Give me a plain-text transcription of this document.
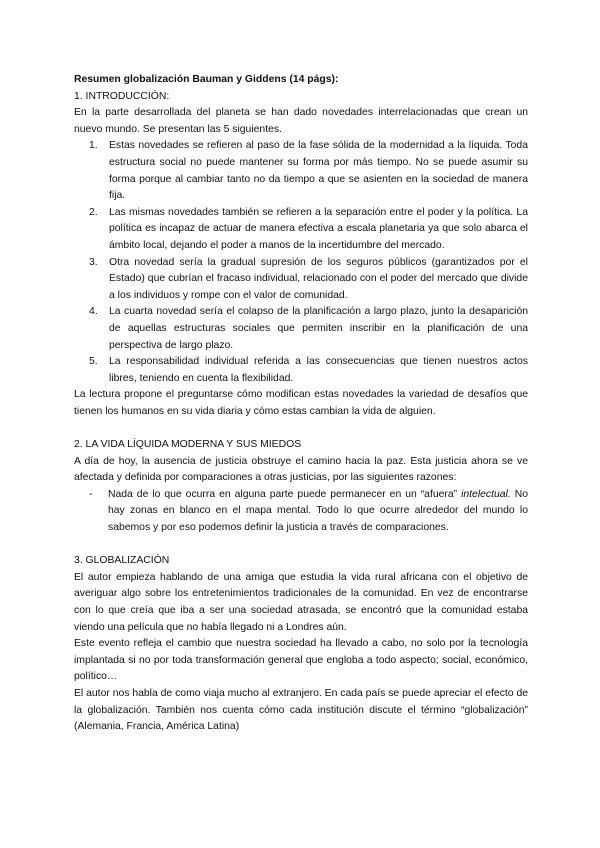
Resumen globalización Bauman y Giddens (14 págs):

1. INTRODUCCIÓN:

En la parte desarrollada del planeta se han dado novedades interrelacionadas que crean un nuevo mundo. Se presentan las 5 siguientes.

1. Estas novedades se refieren al paso de la fase sólida de la modernidad a la líquida. Toda estructura social no puede mantener su forma por más tiempo. No se puede asumir su forma porque al cambiar tanto no da tiempo a que se asienten en la sociedad de manera fija.
2. Las mismas novedades también se refieren a la separación entre el poder y la política. La política es incapaz de actuar de manera efectiva a escala planetaria ya que solo abarca el ámbito local, dejando el poder a manos de la incertidumbre del mercado.
3. Otra novedad sería la gradual supresión de los seguros públicos (garantizados por el Estado) que cubrían el fracaso individual, relacionado con el poder del mercado que divide a los individuos y rompe con el valor de comunidad.
4. La cuarta novedad sería el colapso de la planificación a largo plazo, junto la desaparición de aquellas estructuras sociales que permiten inscribir en la planificación de una perspectiva de largo plazo.
5. La responsabilidad individual referida a las consecuencias que tienen nuestros actos libres, teniendo en cuenta la flexibilidad.

La lectura propone el preguntarse cómo modifican estas novedades la variedad de desafíos que tienen los humanos en su vida diaria y cómo estas cambian la vida de alguien.

2. LA VIDA LÍQUIDA MODERNA Y SUS MIEDOS

A día de hoy, la ausencia de justicia obstruye el camino hacia la paz. Esta justicia ahora se ve afectada y definida por comparaciones a otras justicias, por las siguientes razones:

- Nada de lo que ocurra en alguna parte puede permanecer en un “afuera” intelectual. No hay zonas en blanco en el mapa mental. Todo lo que ocurre alrededor del mundo lo sabemos y por eso podemos definir la justicia a través de comparaciones.

3. GLOBALIZACIÓN

El autor empieza hablando de una amiga que estudia la vida rural africana con el objetivo de averiguar algo sobre los entretenimientos tradicionales de la comunidad. En vez de encontrarse con lo que creía que iba a ser una sociedad atrasada, se encontró que la comunidad estaba viendo una película que no había llegado ni a Londres aún.

Este evento refleja el cambio que nuestra sociedad ha llevado a cabo, no solo por la tecnología implantada si no por toda transformación general que engloba a todo aspecto; social, económico, político…

El autor nos habla de como viaja mucho al extranjero. En cada país se puede apreciar el efecto de la globalización. También nos cuenta cómo cada institución discute el término “globalización” (Alemania, Francia, América Latina)
